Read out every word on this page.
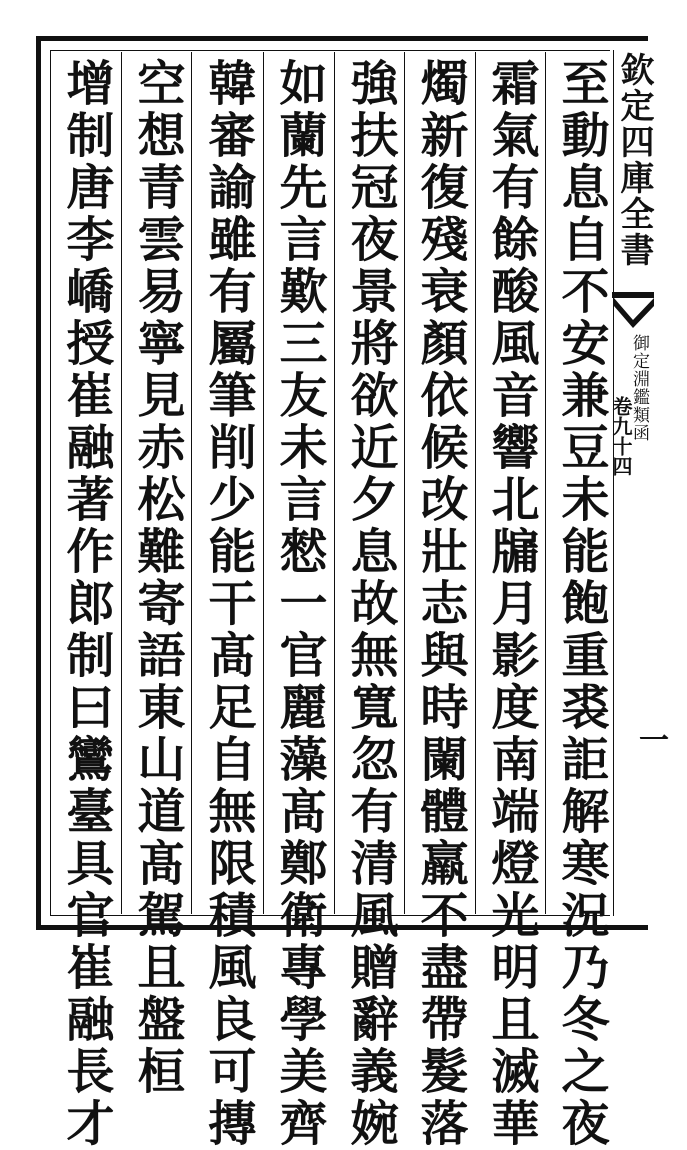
至動息自不安兼豆未能飽重裘詎解寒況乃冬之夜
霜氣有餘酸風音響北牖月影度南端燈光明且滅華
燭新復殘衰顏依候改壯志與時闌體羸不盡帶髮落
強扶冠夜景將欲近夕息故無寬忽有清風贈辭義婉
如蘭先言歎三友未言憖一官麗藻髙鄭衛專學美齊
韓審諭雖有屬筆削少能干髙足自無限積風良可摶
空想青雲易寧見赤松難寄語東山道髙駕且盤桓
增制唐李嶠授崔融著作郎制曰鸞臺具官崔融長才	欽定四庫全書
御定淵鑑類函
卷九十四
一
